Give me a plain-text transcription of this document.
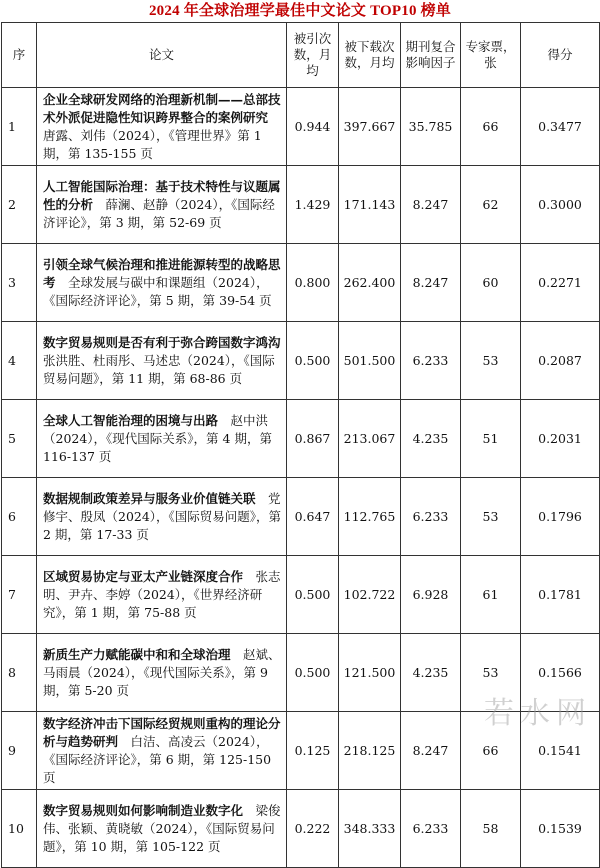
2024 年全球治理学最佳中文论文 TOP10 榜单
序	论文	被引次数，月均	被下载次数，月均	期刊复合影响因子	专家票，张	得分
1	企业全球研发网络的治理新机制——总部技术外派促进隐性知识跨界整合的案例研究　唐露、刘伟（2024），《管理世界》第 1 期，第 135-155 页	0.944	397.667	35.785	66	0.3477
2	人工智能国际治理：基于技术特性与议题属性的分析　 薛澜、赵静（2024），《国际经济评论》，第 3 期，第 52-69 页	1.429	171.143	8.247	62	0.3000
3	引领全球气候治理和推进能源转型的战略思考　 全球发展与碳中和课题组（2024），《国际经济评论》，第 5 期，第 39-54 页	0.800	262.400	8.247	60	0.2271
4	数字贸易规则是否有利于弥合跨国数字鸿沟　张洪胜、杜雨彤、马述忠（2024），《国际贸易问题》，第 11 期，第 68-86 页	0.500	501.500	6.233	53	0.2087
5	全球人工智能治理的困境与出路　 赵中洪（2024），《现代国际关系》，第 4 期，第 116-137 页	0.867	213.067	4.235	51	0.2031
6	数据规制政策差异与服务业价值链关联　 党修宇、殷凤（2024），《国际贸易问题》，第 2 期，第 17-33 页	0.647	112.765	6.233	53	0.1796
7	区域贸易协定与亚太产业链深度合作　 张志明、尹卉、李婷（2024），《世界经济研究》，第 1 期，第 75-88 页	0.500	102.722	6.928	61	0.1781
8	新质生产力赋能碳中和和全球治理　 赵斌、马雨晨（2024），《现代国际关系》，第 9 期，第 5-20 页	0.500	121.500	4.235	53	0.1566
9	数字经济冲击下国际经贸规则重构的理论分析与趋势研判　 白洁、高凌云（2024），《国际经济评论》，第 6 期，第 125-150 页	0.125	218.125	8.247	66	0.1541
10	数字贸易规则如何影响制造业数字化　 梁俊伟、张颖、黄晓敏（2024），《国际贸易问题》，第 10 期，第 105-122 页	0.222	348.333	6.233	58	0.1539
若水网
